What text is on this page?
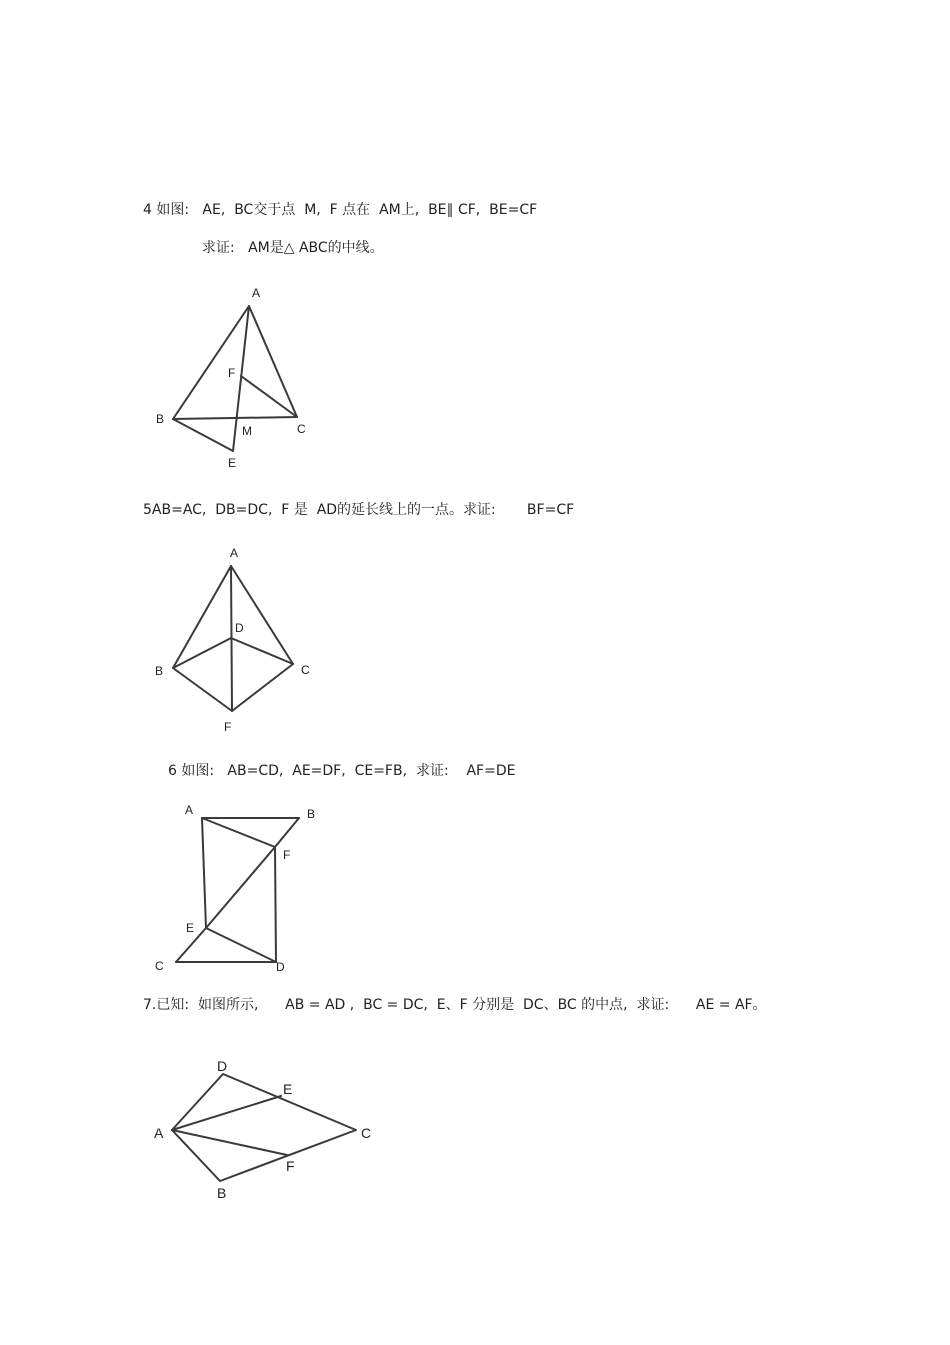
4 如图:   AE,  BC交于点  M,  F 点在  AM上,  BE∥ CF,  BE=CF
求证:   AM是△ ABC的中线。
A
F
B
M	C
E
5AB=AC,  DB=DC,  F 是  AD的延长线上的一点。求证:       BF=CF
A
D
B	C
F
6 如图:   AB=CD,  AE=DF,  CE=FB,  求证:    AF=DE
A	B
F
E
C	D
7.已知:  如图所示,      AB = AD ,  BC = DC,  E、F 分别是  DC、BC 的中点,  求证:      AE = AF。
D
E
A	C
F
B
